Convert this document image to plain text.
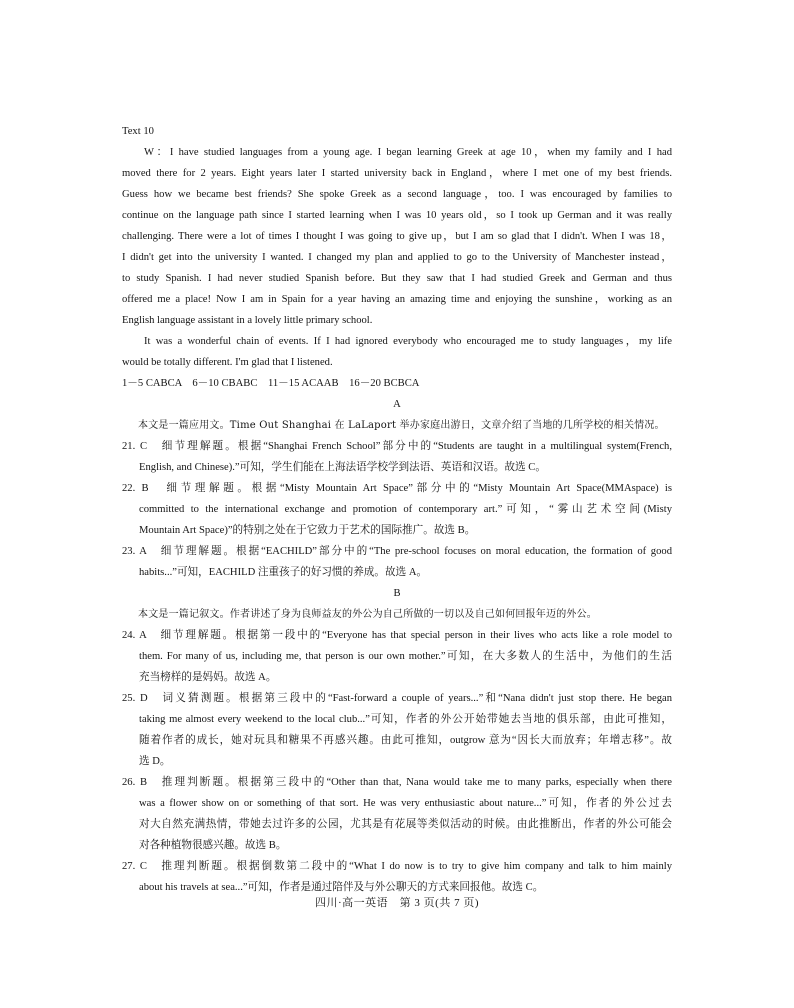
Text 10
W：I have studied languages from a young age. I began learning Greek at age 10，when my family and I had
moved there for 2 years. Eight years later I started university back in England，where I met one of my best friends.
Guess how we became best friends? She spoke Greek as a second language，too. I was encouraged by families to
continue on the language path since I started learning when I was 10 years old，so I took up German and it was really
challenging. There were a lot of times I thought I was going to give up，but I am so glad that I didn't. When I was 18，
I didn't get into the university I wanted. I changed my plan and applied to go to the University of Manchester instead，
to study Spanish. I had never studied Spanish before. But they saw that I had studied Greek and German and thus
offered me a place! Now I am in Spain for a year having an amazing time and enjoying the sunshine，working as an
English language assistant in a lovely little primary school.
It was a wonderful chain of events. If I had ignored everybody who encouraged me to study languages，my life
would be totally different. I'm glad that I listened.
1－5 CABCA　6－10 CBABC　11－15 ACAAB　16－20 BCBCA
A
本文是一篇应用文。Time Out Shanghai 在 LaLaport 举办家庭出游日，文章介绍了当地的几所学校的相关情况。
21. C　细节理解题。根据“Shanghai French School”部分中的“Students are taught in a multilingual system(French,
English, and Chinese).”可知，学生们能在上海法语学校学到法语、英语和汉语。故选 C。
22. B　细节理解题。根据“Misty Mountain Art Space”部分中的“Misty Mountain Art Space(MMAspace) is
committed to the international exchange and promotion of contemporary art.”可知，“雾山艺术空间(Misty
Mountain Art Space)”的特别之处在于它致力于艺术的国际推广。故选 B。
23. A　细节理解题。根据“EACHILD”部分中的“The pre-school focuses on moral education, the formation of good
habits...”可知，EACHILD 注重孩子的好习惯的养成。故选 A。
B
本文是一篇记叙文。作者讲述了身为良师益友的外公为自己所做的一切以及自己如何回报年迈的外公。
24. A　细节理解题。根据第一段中的“Everyone has that special person in their lives who acts like a role model to
them. For many of us, including me, that person is our own mother.”可知，在大多数人的生活中，为他们的生活
充当榜样的是妈妈。故选 A。
25. D　词义猜测题。根据第三段中的“Fast-forward a couple of years...”和“Nana didn't just stop there. He began
taking me almost every weekend to the local club...”可知，作者的外公开始带她去当地的俱乐部，由此可推知，
随着作者的成长，她对玩具和糖果不再感兴趣。由此可推知，outgrow 意为“因长大而放弃；年增志移”。故
选 D。
26. B　推理判断题。根据第三段中的“Other than that, Nana would take me to many parks, especially when there
was a flower show on or something of that sort. He was very enthusiastic about nature...”可知，作者的外公过去
对大自然充满热情，带她去过许多的公园，尤其是有花展等类似活动的时候。由此推断出，作者的外公可能会
对各种植物很感兴趣。故选 B。
27. C　推理判断题。根据倒数第二段中的“What I do now is to try to give him company and talk to him mainly
about his travels at sea...”可知，作者是通过陪伴及与外公聊天的方式来回报他。故选 C。
四川·高一英语　第 3 页(共 7 页)
